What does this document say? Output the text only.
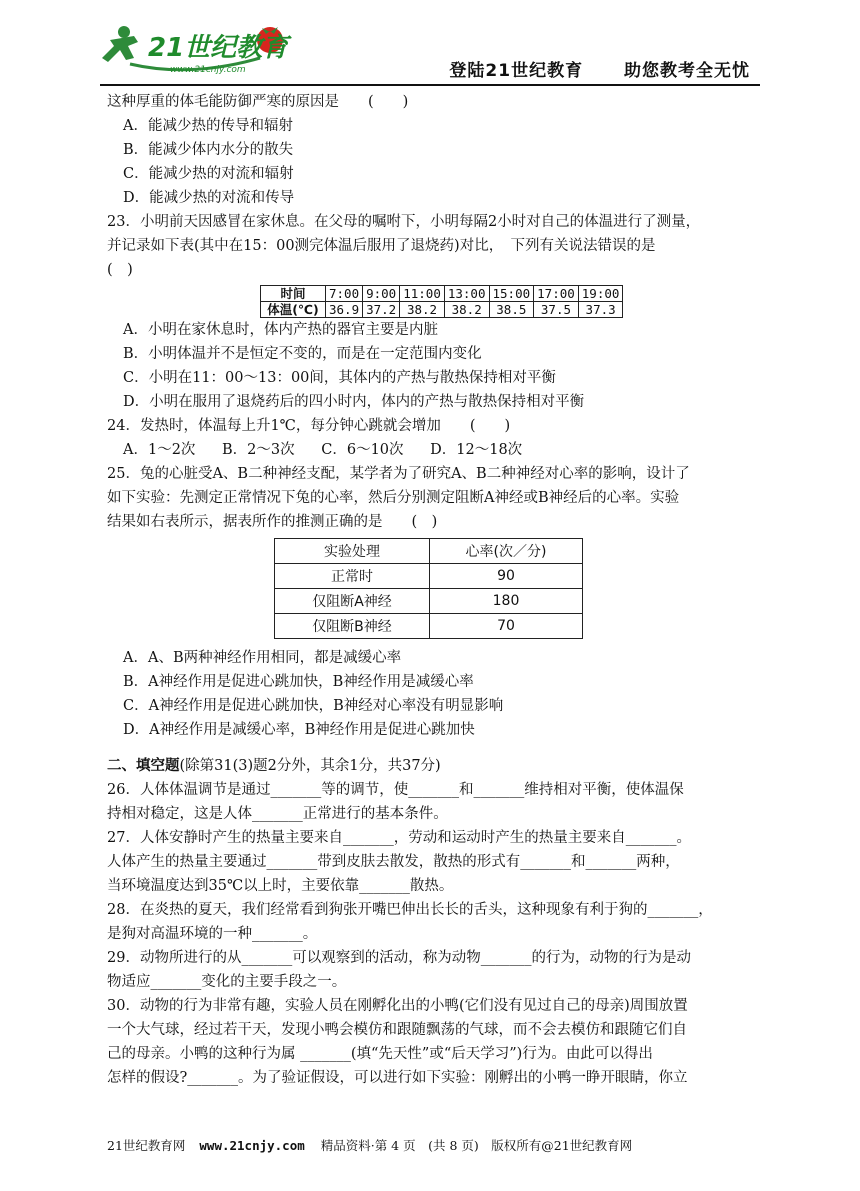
21世纪教育
www.21cnjy.com	登陆21世纪教育 助您教考全无忧
这种厚重的体毛能防御严寒的原因是　　(　　)
A．能减少热的传导和辐射
B．能减少体内水分的散失
C．能减少热的对流和辐射
D．能减少热的对流和传导
23．小明前天因感冒在家休息。在父母的嘱咐下，小明每隔2小时对自己的体温进行了测量，
并记录如下表(其中在15：00测完体温后服用了退烧药)对比，　下列有关说法错误的是
(　)
时间	7:00	9:00	11:00	13:00	15:00	17:00	19:00
体温(℃)	36.9	37.2	38.2	38.2	38.5	37.5	37.3
A．小明在家休息时，体内产热的器官主要是内脏
B．小明体温并不是恒定不变的，而是在一定范围内变化
C．小明在11：00～13：00间，其体内的产热与散热保持相对平衡
D．小明在服用了退烧药后的四小时内，体内的产热与散热保持相对平衡
24．发热时，体温每上升1℃，每分钟心跳就会增加　　(　　)
A．1～2次 B．2～3次 C．6～10次 D．12～18次
25．兔的心脏受A、B二种神经支配，某学者为了研究A、B二种神经对心率的影响，设计了
如下实验：先测定正常情况下兔的心率，然后分别测定阻断A神经或B神经后的心率。实验
结果如右表所示，据表所作的推测正确的是　　(　)
实验处理	心率(次／分)
正常时	90
仅阻断A神经	180
仅阻断B神经	70
A．A、B两种神经作用相同，都是减缓心率
B．A神经作用是促进心跳加快，B神经作用是减缓心率
C．A神经作用是促进心跳加快，B神经对心率没有明显影响
D．A神经作用是减缓心率，B神经作用是促进心跳加快
二、填空题(除第31(3)题2分外，其余1分，共37分)
26．人体体温调节是通过_______等的调节，使_______和_______维持相对平衡，使体温保
持相对稳定，这是人体_______正常进行的基本条件。
27．人体安静时产生的热量主要来自_______，劳动和运动时产生的热量主要来自_______。
人体产生的热量主要通过_______带到皮肤去散发，散热的形式有_______和_______两种，
当环境温度达到35℃以上时，主要依靠_______散热。
28．在炎热的夏天，我们经常看到狗张开嘴巴伸出长长的舌头，这种现象有利于狗的_______，
是狗对高温环境的一种_______。
29．动物所进行的从_______可以观察到的活动，称为动物_______的行为，动物的行为是动
物适应_______变化的主要手段之一。
30．动物的行为非常有趣，实验人员在刚孵化出的小鸭(它们没有见过自己的母亲)周围放置
一个大气球，经过若干天，发现小鸭会模仿和跟随飘荡的气球，而不会去模仿和跟随它们自
己的母亲。小鸭的这种行为属 _______(填“先天性”或“后天学习”)行为。由此可以得出
怎样的假设?_______。为了验证假设，可以进行如下实验：刚孵出的小鸭一睁开眼睛，你立
21世纪教育网 www.21cnjy.com 精品资料·第 4 页　(共 8 页)　版权所有@21世纪教育网
